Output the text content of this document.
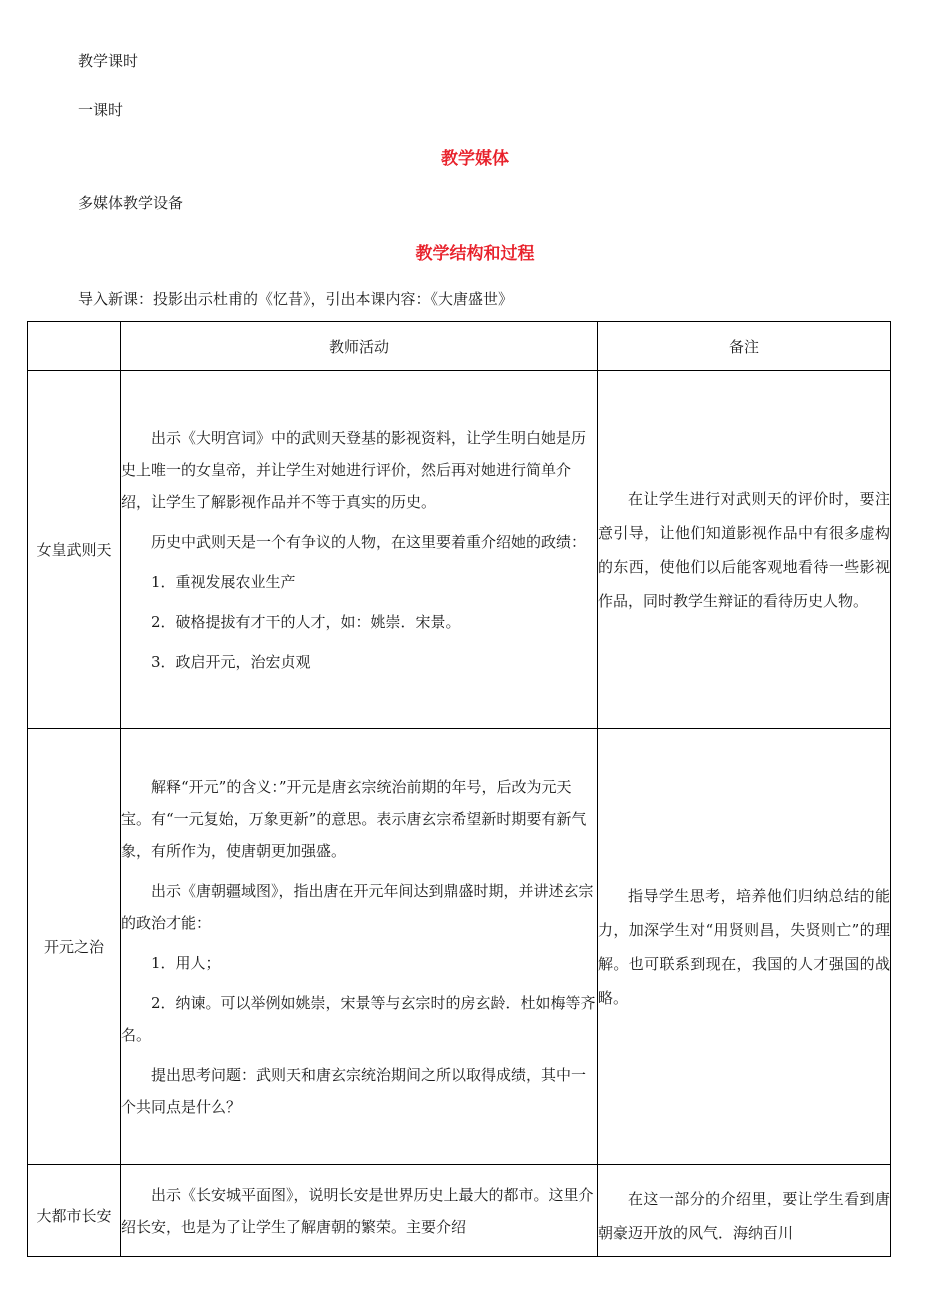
教学课时
一课时
教学媒体
多媒体教学设备
教学结构和过程
导入新课：投影出示杜甫的《忆昔》，引出本课内容：《大唐盛世》
	教师活动	备注
女皇武则天	出示《大明宫词》中的武则天登基的影视资料，让学生明白她是历史上唯一的女皇帝，并让学生对她进行评价，然后再对她进行简单介绍，让学生了解影视作品并不等于真实的历史。

历史中武则天是一个有争议的人物，在这里要着重介绍她的政绩：

1．重视发展农业生产

2．破格提拔有才干的人才，如：姚崇．宋景。

3．政启开元，治宏贞观	在让学生进行对武则天的评价时，要注意引导，让他们知道影视作品中有很多虚构的东西，使他们以后能客观地看待一些影视作品，同时教学生辩证的看待历史人物。

开元之治	解释“开元”的含义：”开元是唐玄宗统治前期的年号，后改为元天宝。有“一元复始，万象更新”的意思。表示唐玄宗希望新时期要有新气象，有所作为，使唐朝更加强盛。

出示《唐朝疆域图》，指出唐在开元年间达到鼎盛时期，并讲述玄宗的政治才能：

1．用人；

2．纳谏。可以举例如姚崇，宋景等与玄宗时的房玄龄．杜如梅等齐名。

提出思考问题：武则天和唐玄宗统治期间之所以取得成绩，其中一个共同点是什么？	指导学生思考，培养他们归纳总结的能力，加深学生对“用贤则昌，失贤则亡”的理解。也可联系到现在，我国的人才强国的战略。

大都市长安	出示《长安城平面图》，说明长安是世界历史上最大的都市。这里介绍长安，也是为了让学生了解唐朝的繁荣。主要介绍	在这一部分的介绍里，要让学生看到唐朝豪迈开放的风气．海纳百川
